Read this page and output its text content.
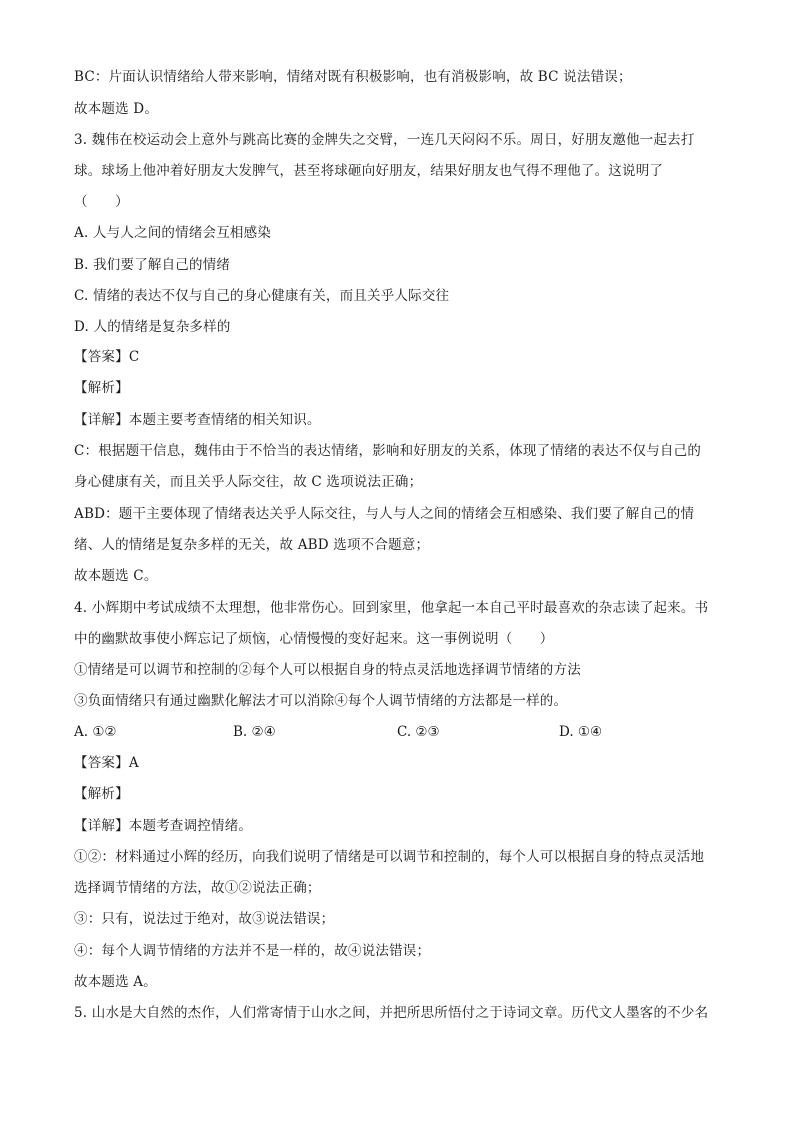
BC：片面认识情绪给人带来影响，情绪对既有积极影响，也有消极影响，故 BC 说法错误；
故本题选 D。
3. 魏伟在校运动会上意外与跳高比赛的金牌失之交臂，一连几天闷闷不乐。周日，好朋友邀他一起去打
球。球场上他冲着好朋友大发脾气，甚至将球砸向好朋友，结果好朋友也气得不理他了。这说明了
（　　）
A. 人与人之间的情绪会互相感染
B. 我们要了解自己的情绪
C. 情绪的表达不仅与自己的身心健康有关，而且关乎人际交往
D. 人的情绪是复杂多样的
【答案】C
【解析】
【详解】本题主要考查情绪的相关知识。
C：根据题干信息，魏伟由于不恰当的表达情绪，影响和好朋友的关系，体现了情绪的表达不仅与自己的
身心健康有关，而且关乎人际交往，故 C 选项说法正确；
ABD：题干主要体现了情绪表达关乎人际交往，与人与人之间的情绪会互相感染、我们要了解自己的情
绪、人的情绪是复杂多样的无关，故 ABD 选项不合题意；
故本题选 C。
4. 小辉期中考试成绩不太理想，他非常伤心。回到家里，他拿起一本自己平时最喜欢的杂志读了起来。书
中的幽默故事使小辉忘记了烦恼，心情慢慢的变好起来。这一事例说明（　　）
①情绪是可以调节和控制的②每个人可以根据自身的特点灵活地选择调节情绪的方法
③负面情绪只有通过幽默化解法才可以消除④每个人调节情绪的方法都是一样的。
A. ①②	B. ②④	C. ②③	D. ①④
【答案】A
【解析】
【详解】本题考查调控情绪。
①②：材料通过小辉的经历，向我们说明了情绪是可以调节和控制的，每个人可以根据自身的特点灵活地
选择调节情绪的方法，故①②说法正确；
③：只有，说法过于绝对，故③说法错误；
④：每个人调节情绪的方法并不是一样的，故④说法错误；
故本题选 A。
5. 山水是大自然的杰作，人们常寄情于山水之间，并把所思所悟付之于诗词文章。历代文人墨客的不少名
